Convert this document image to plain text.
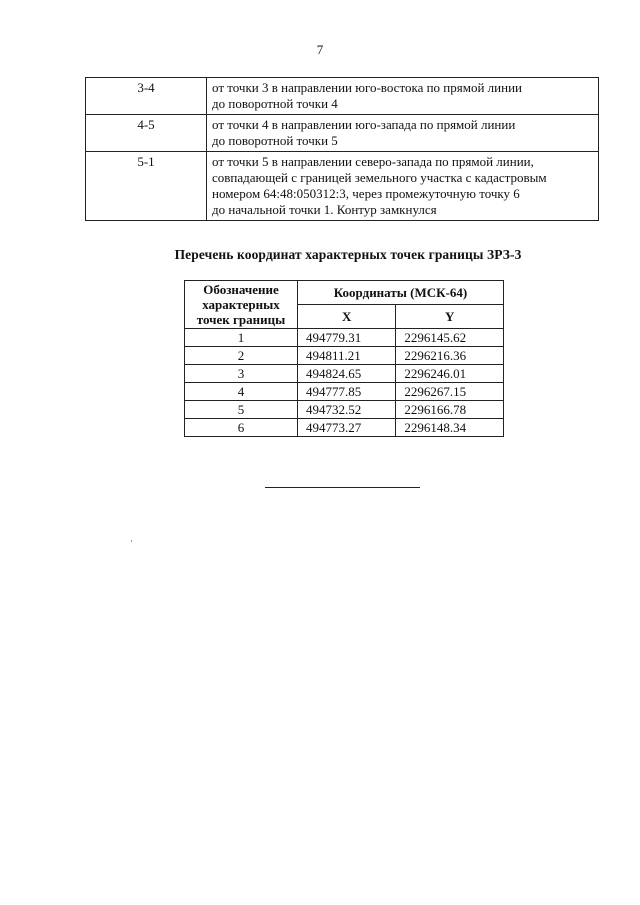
7
3-4	от точки 3 в направлении юго-востока по прямой линии
до поворотной точки 4

4-5	от точки 4 в направлении юго-запада по прямой линии
до поворотной точки 5

5-1	от точки 5 в направлении северо-запада по прямой линии,
совпадающей с границей земельного участка с кадастровым
номером 64:48:050312:3, через промежуточную точку 6
до начальной точки 1. Контур замкнулся
Перечень координат характерных точек границы ЗРЗ-3
Обозначение характерных точек границы	Координаты (МСК-64)	
	X	Y
1	494779.31	2296145.62
2	494811.21	2296216.36
3	494824.65	2296246.01
4	494777.85	2296267.15
5	494732.52	2296166.78
6	494773.27	2296148.34
